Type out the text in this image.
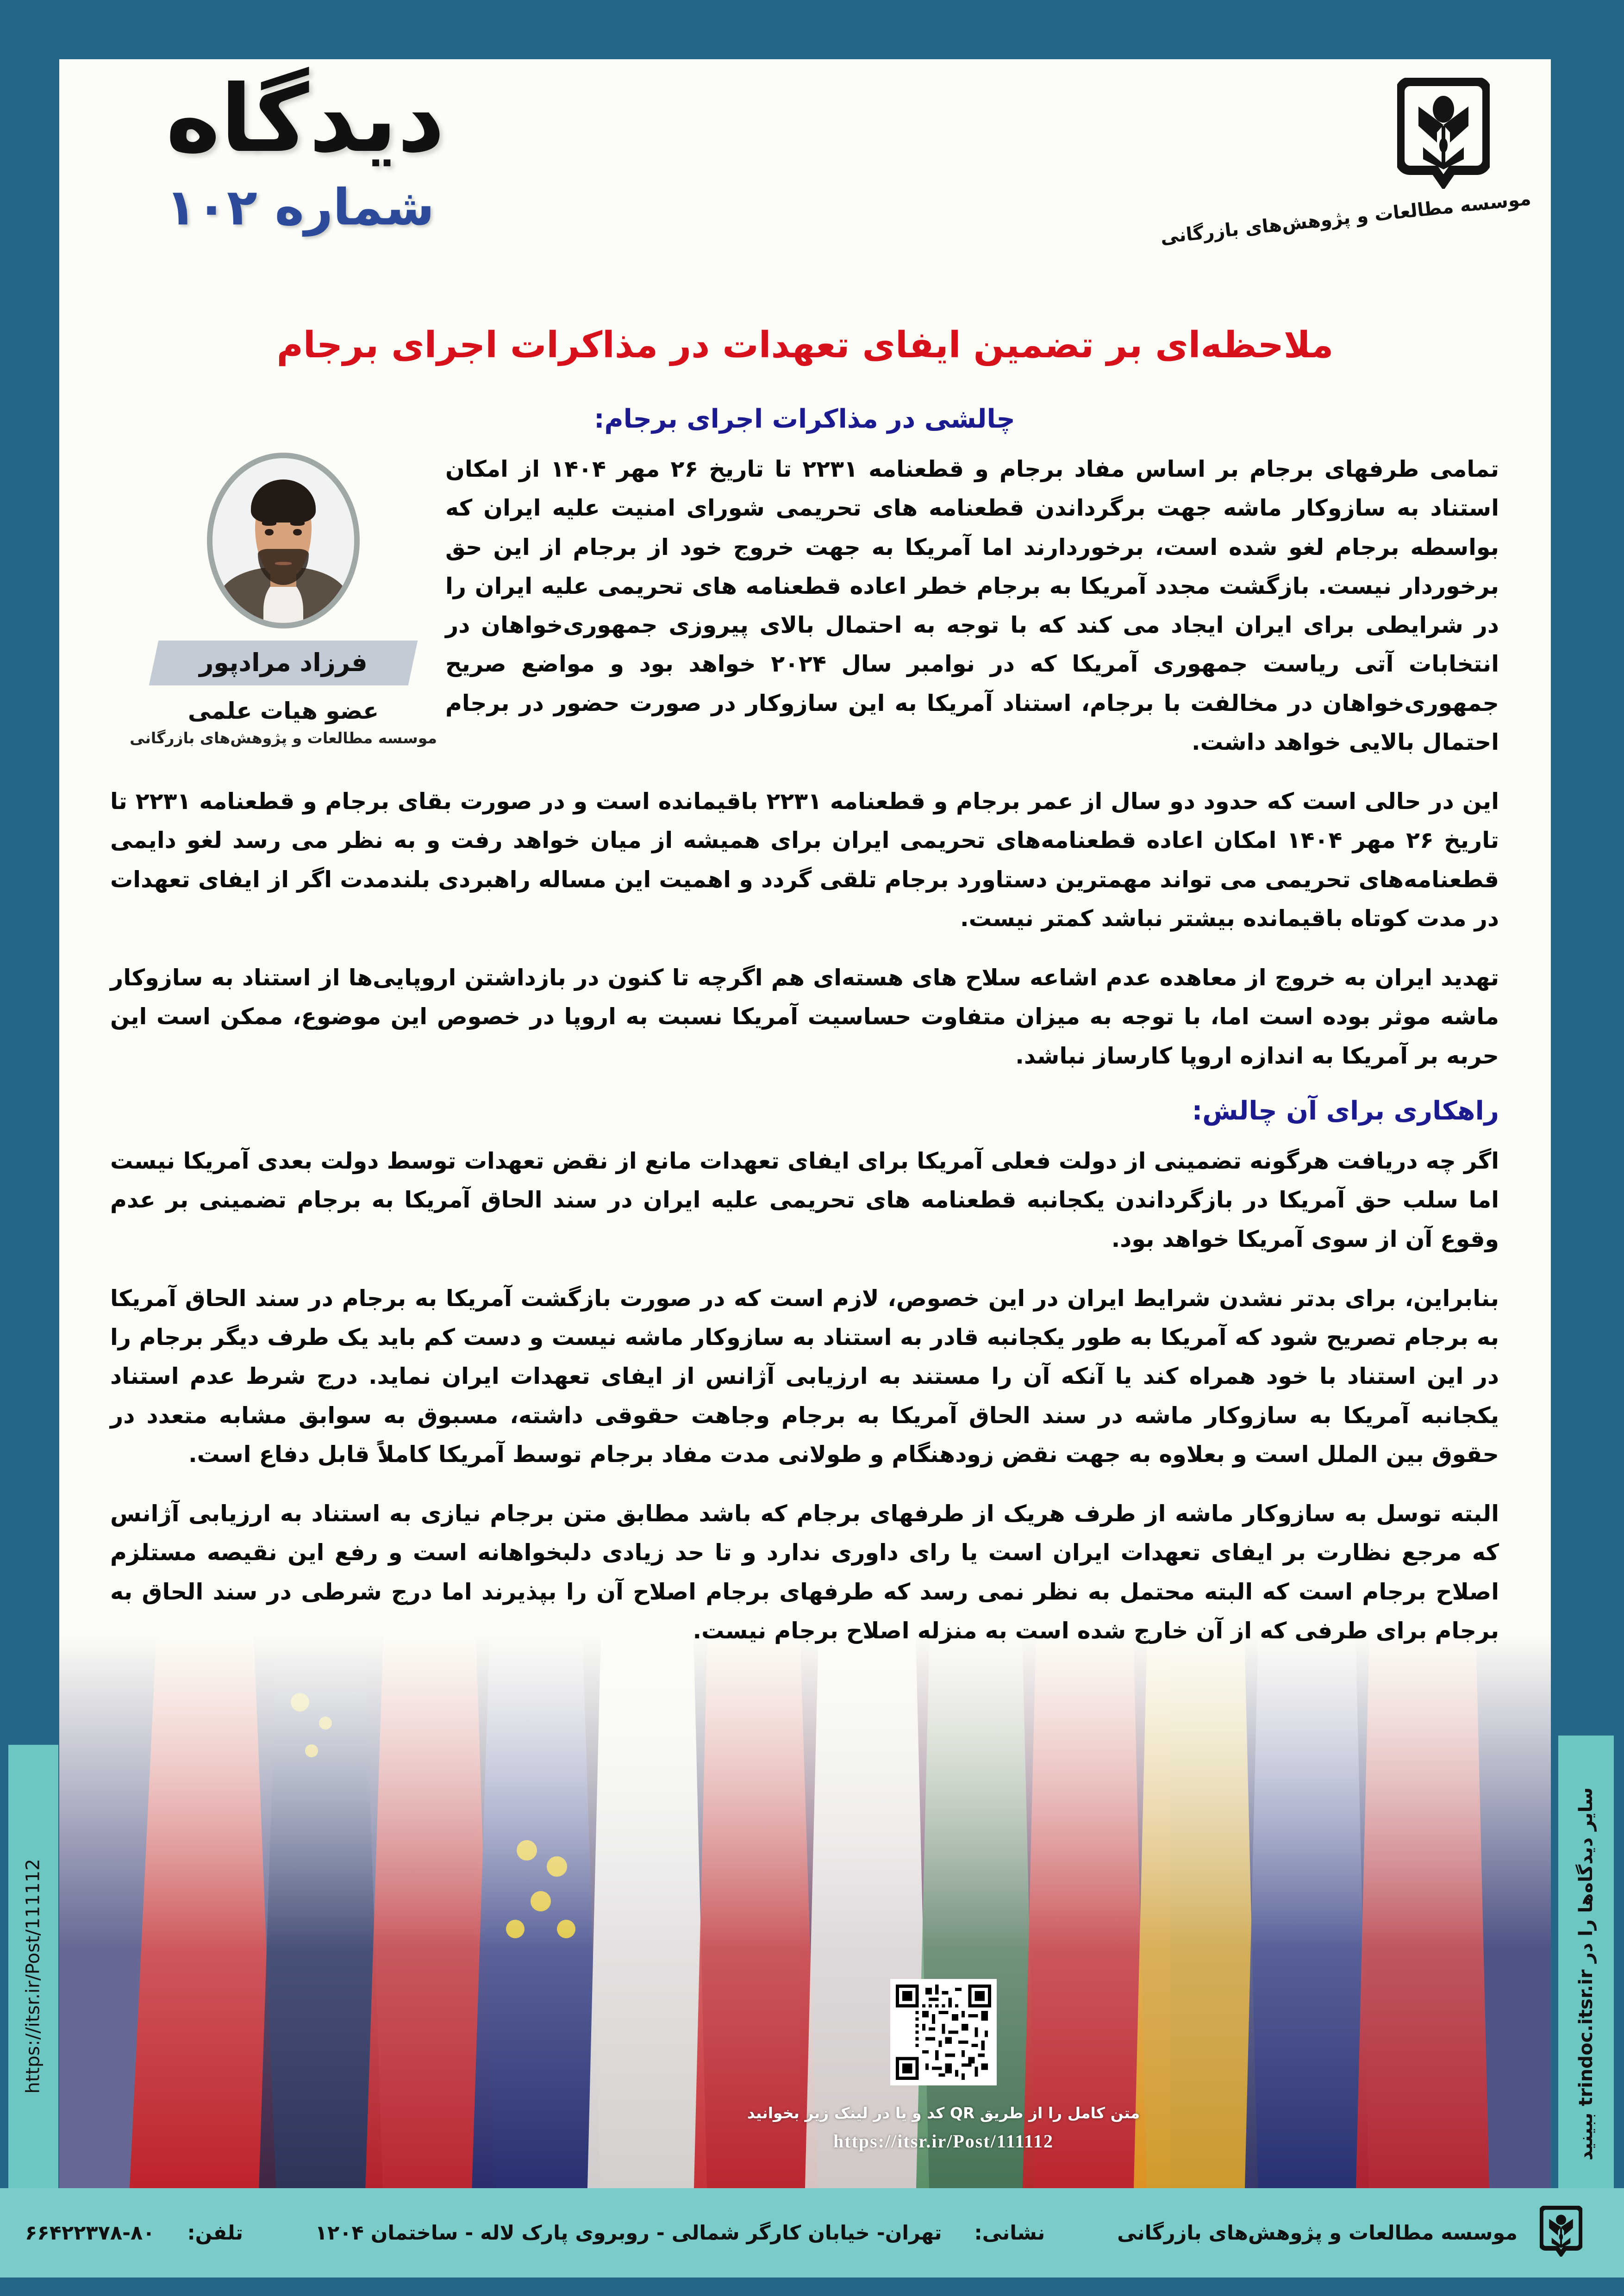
موسسه مطالعات و پژوهش‌های بازرگانی
دیدگاه
شماره ۱۰۲
ملاحظه‌ای بر تضمین ایفای تعهدات در مذاکرات اجرای برجام
چالشی در مذاکرات اجرای برجام:
فرزاد مرادپور
عضو هیات علمی
موسسه مطالعات و پژوهش‌های بازرگانی

تمامی طرفهای برجام بر اساس مفاد برجام و قطعنامه ۲۲۳۱ تا تاریخ ۲۶ مهر ۱۴۰۴ از امکان استناد به سازوکار ماشه جهت برگرداندن قطعنامه های تحریمی شورای امنیت علیه ایران که بواسطه برجام لغو شده است، برخوردارند اما آمریکا به جهت خروج خود از برجام از این حق برخوردار نیست. بازگشت مجدد آمریکا به برجام خطر اعاده قطعنامه های تحریمی علیه ایران را در شرایطی برای ایران ایجاد می کند که با توجه به احتمال بالای پیروزی جمهوری‌خواهان در انتخابات آتی ریاست جمهوری آمریکا که در نوامبر سال ۲۰۲۴ خواهد بود و مواضع صریح جمهوری‌خواهان در مخالفت با برجام، استناد آمریکا به این سازوکار در صورت حضور در برجام احتمال بالایی خواهد داشت.

این در حالی است که حدود دو سال از عمر برجام و قطعنامه ۲۲۳۱ باقیمانده است و در صورت بقای برجام و قطعنامه ۲۲۳۱ تا تاریخ ۲۶ مهر ۱۴۰۴ امکان اعاده قطعنامه‌های تحریمی ایران برای همیشه از میان خواهد رفت و به نظر می رسد لغو دایمی قطعنامه‌های تحریمی می تواند مهمترین دستاورد برجام تلقی گردد و اهمیت این مساله راهبردی بلندمدت اگر از ایفای تعهدات در مدت کوتاه باقیمانده بیشتر نباشد کمتر نیست.

تهدید ایران به خروج از معاهده عدم اشاعه سلاح های هسته‌ای هم اگرچه تا کنون در بازداشتن اروپایی‌ها از استناد به سازوکار ماشه موثر بوده است اما، با توجه به میزان متفاوت حساسیت آمریکا نسبت به اروپا در خصوص این موضوع، ممکن است این حربه بر آمریکا به اندازه اروپا کارساز نباشد.

راهکاری برای آن چالش:

اگر چه دریافت هرگونه تضمینی از دولت فعلی آمریکا برای ایفای تعهدات مانع از نقض تعهدات توسط دولت بعدی آمریکا نیست اما سلب حق آمریکا در بازگرداندن یکجانبه قطعنامه های تحریمی علیه ایران در سند الحاق آمریکا به برجام تضمینی بر عدم وقوع آن از سوی آمریکا خواهد بود.

بنابراین، برای بدتر نشدن شرایط ایران در این خصوص، لازم است که در صورت بازگشت آمریکا به برجام در سند الحاق آمریکا به برجام تصریح شود که آمریکا به طور یکجانبه قادر به استناد به سازوکار ماشه نیست و دست کم باید یک طرف دیگر برجام را در این استناد با خود همراه کند یا آنکه آن را مستند به ارزیابی آژانس از ایفای تعهدات ایران نماید. درج شرط عدم استناد یکجانبه آمریکا به سازوکار ماشه در سند الحاق آمریکا به برجام وجاهت حقوقی داشته، مسبوق به سوابق مشابه متعدد در حقوق بین الملل است و بعلاوه به جهت نقض زودهنگام و طولانی مدت مفاد برجام توسط آمریکا کاملاً قابل دفاع است.

البته توسل به سازوکار ماشه از طرف هریک از طرفهای برجام که باشد مطابق متن برجام نیازی به استناد به ارزیابی آژانس که مرجع نظارت بر ایفای تعهدات ایران است یا رای داوری ندارد و تا حد زیادی دلبخواهانه است و رفع این نقیصه مستلزم اصلاح برجام است که البته محتمل به نظر نمی رسد که طرفهای برجام اصلاح آن را بپذیرند اما درج شرطی در سند الحاق به برجام برای طرفی که از آن خارج شده است به منزله اصلاح برجام نیست.

متن کامل را از طریق QR کد و یا در لینک زیر بخوانید
https://itsr.ir/Post/111112
https://itsr.ir/Post/111112
سایر دیدگاه‌ها را در trindoc.itsr.ir ببینید
موسسه مطالعات و پژوهش‌های بازرگانی
نشانی:
تهران- خیابان کارگر شمالی - روبروی پارک لاله - ساختمان ۱۲۰۴
تلفن:
۶۶۴۲۲۳۷۸-۸۰
